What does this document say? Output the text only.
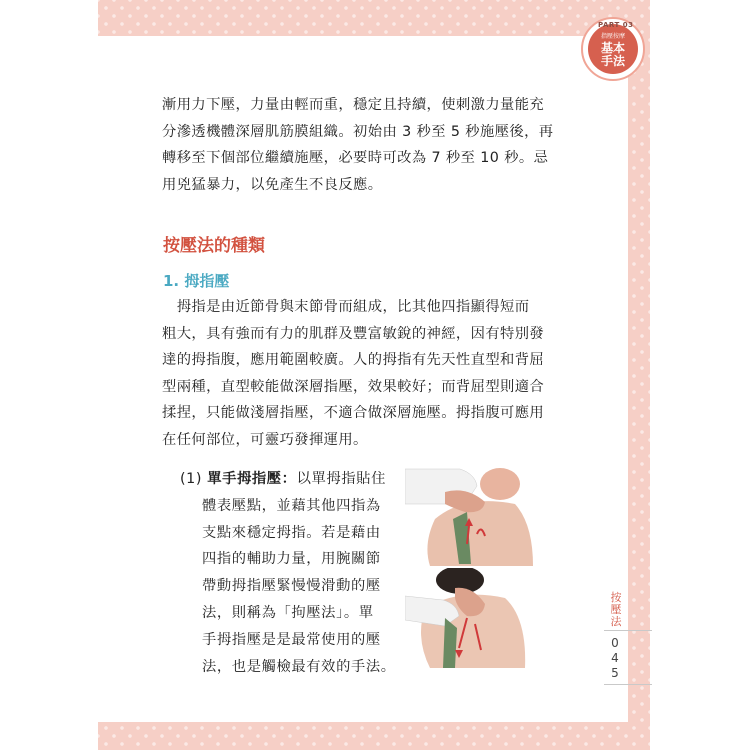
指壓按摩
基本
手法
PART 03
漸用力下壓，力量由輕而重，穩定且持續，使刺激力量能充
分滲透機體深層肌筋膜組織。初始由 3 秒至 5 秒施壓後，再
轉移至下個部位繼續施壓，必要時可改為 7 秒至 10 秒。忌
用兇猛暴力，以免產生不良反應。
按壓法的種類
1. 拇指壓
　拇指是由近節骨與末節骨而組成，比其他四指顯得短而
粗大，具有強而有力的肌群及豐富敏銳的神經，因有特別發
達的拇指腹，應用範圍較廣。人的拇指有先天性直型和背屈
型兩種，直型較能做深層指壓，效果較好；而背屈型則適合
揉捏，只能做淺層指壓，不適合做深層施壓。拇指腹可應用
在任何部位，可靈巧發揮運用。
(1) 單手拇指壓：以單拇指貼住
體表壓點，並藉其他四指為
支點來穩定拇指。若是藉由
四指的輔助力量，用腕關節
帶動拇指壓緊慢慢滑動的壓
法，則稱為「拘壓法」。單
手拇指壓是是最常使用的壓
法，也是觸檢最有效的手法。
按壓法
0
4
5
